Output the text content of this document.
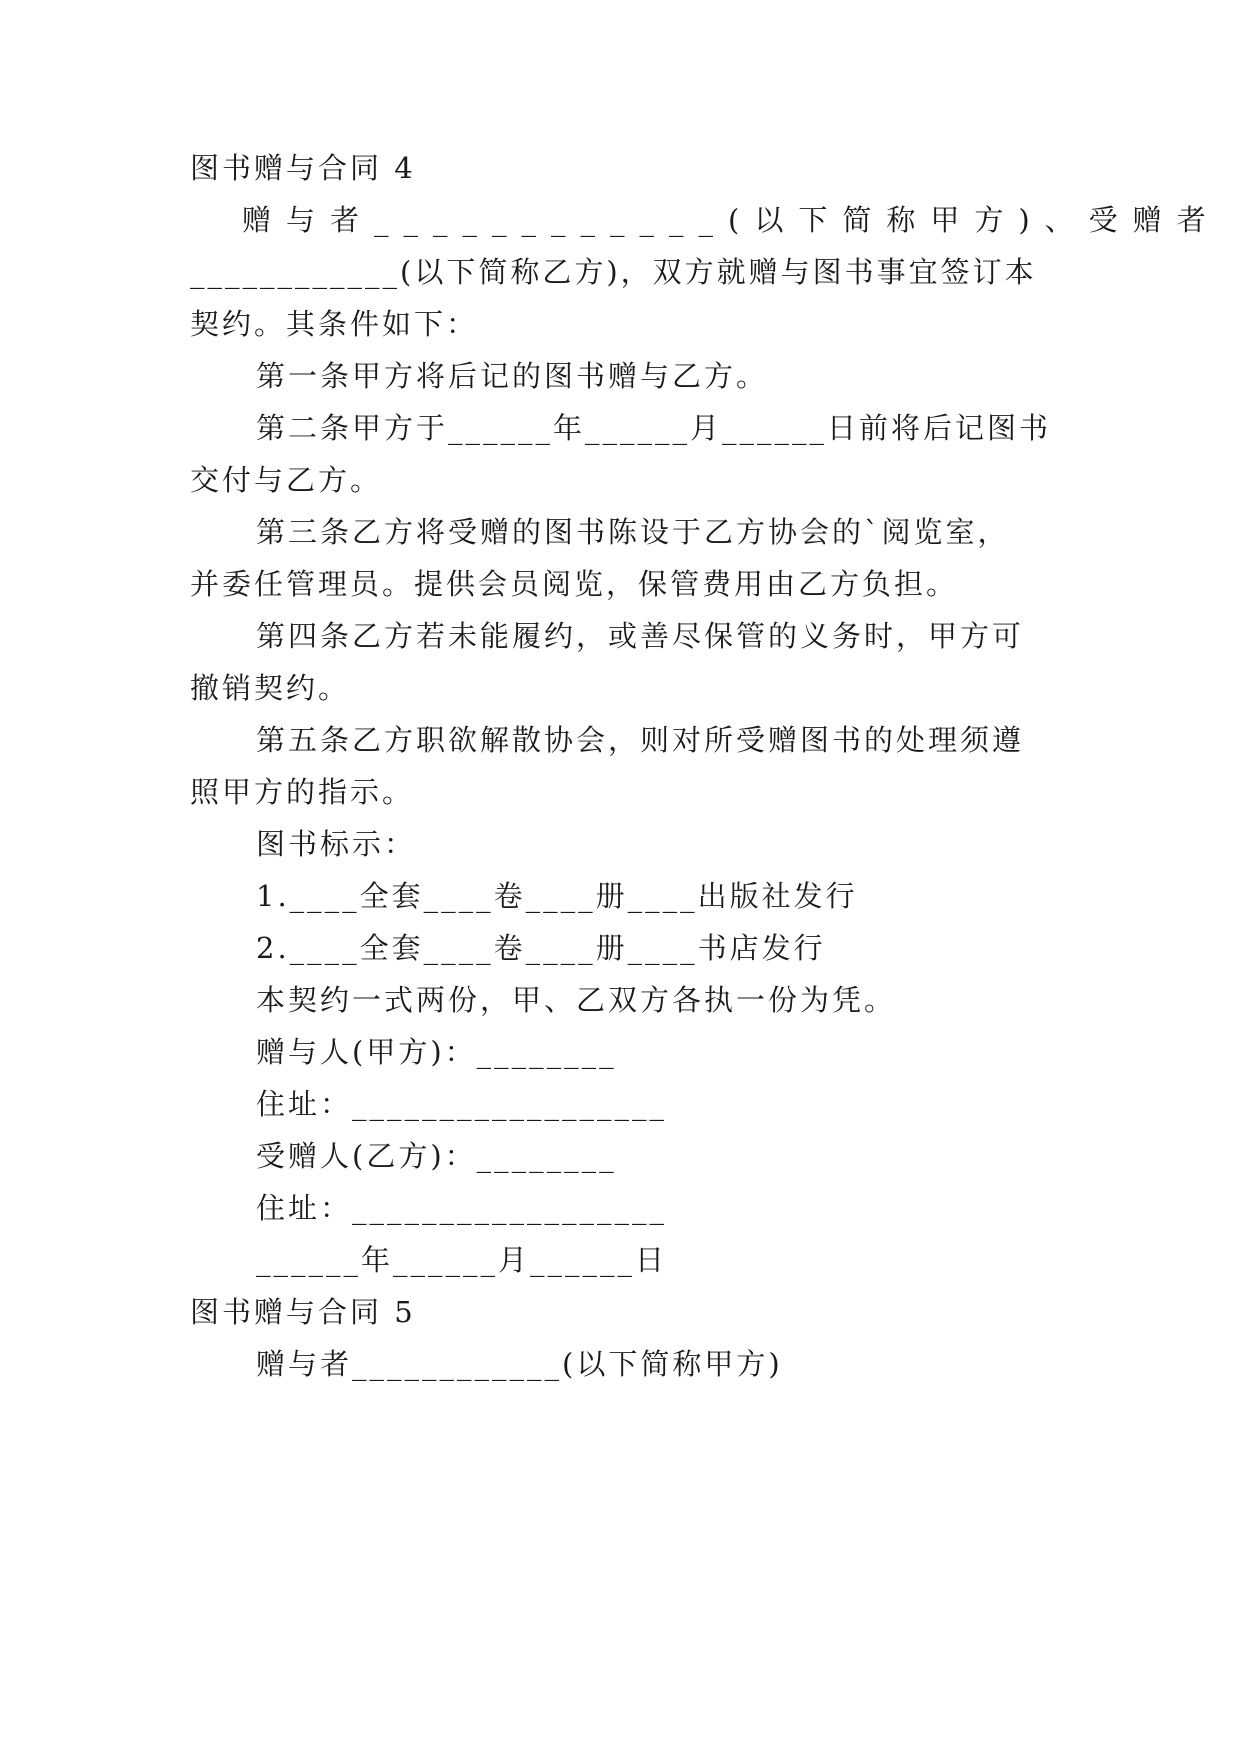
图书赠与合同 4
赠与者____________(以下简称甲方)、受赠者
____________(以下简称乙方)，双方就赠与图书事宜签订本
契约。其条件如下：
第一条甲方将后记的图书赠与乙方。
第二条甲方于______年______月______日前将后记图书
交付与乙方。
第三条乙方将受赠的图书陈设于乙方协会的`阅览室，
并委任管理员。提供会员阅览，保管费用由乙方负担。
第四条乙方若未能履约，或善尽保管的义务时，甲方可
撤销契约。
第五条乙方职欲解散协会，则对所受赠图书的处理须遵
照甲方的指示。
图书标示：
1.____全套____卷____册____出版社发行
2.____全套____卷____册____书店发行
本契约一式两份，甲、乙双方各执一份为凭。
赠与人(甲方)：________
住址：__________________
受赠人(乙方)：________
住址：__________________
______年______月______日
图书赠与合同 5
赠与者____________(以下简称甲方)
